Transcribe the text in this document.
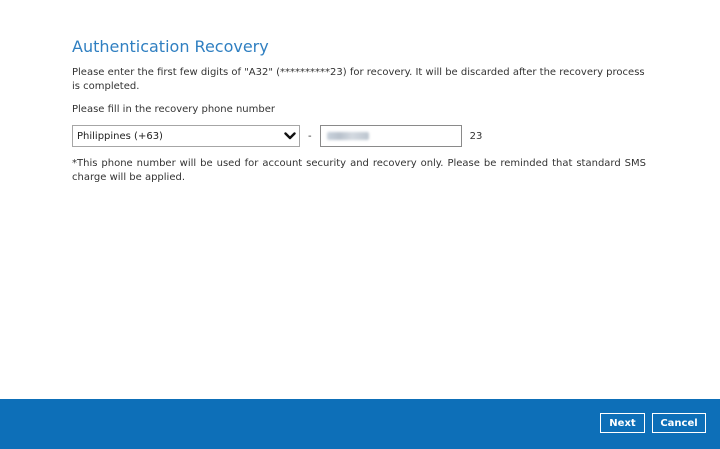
Authentication Recovery

Please enter the first few digits of "A32" (**********23) for recovery. It will be discarded after the recovery process is completed.

Please fill in the recovery phone number

Philippines (+63)	-	23

*This phone number will be used for account security and recovery only. Please be reminded that standard SMS charge will be applied.

Next	Cancel
